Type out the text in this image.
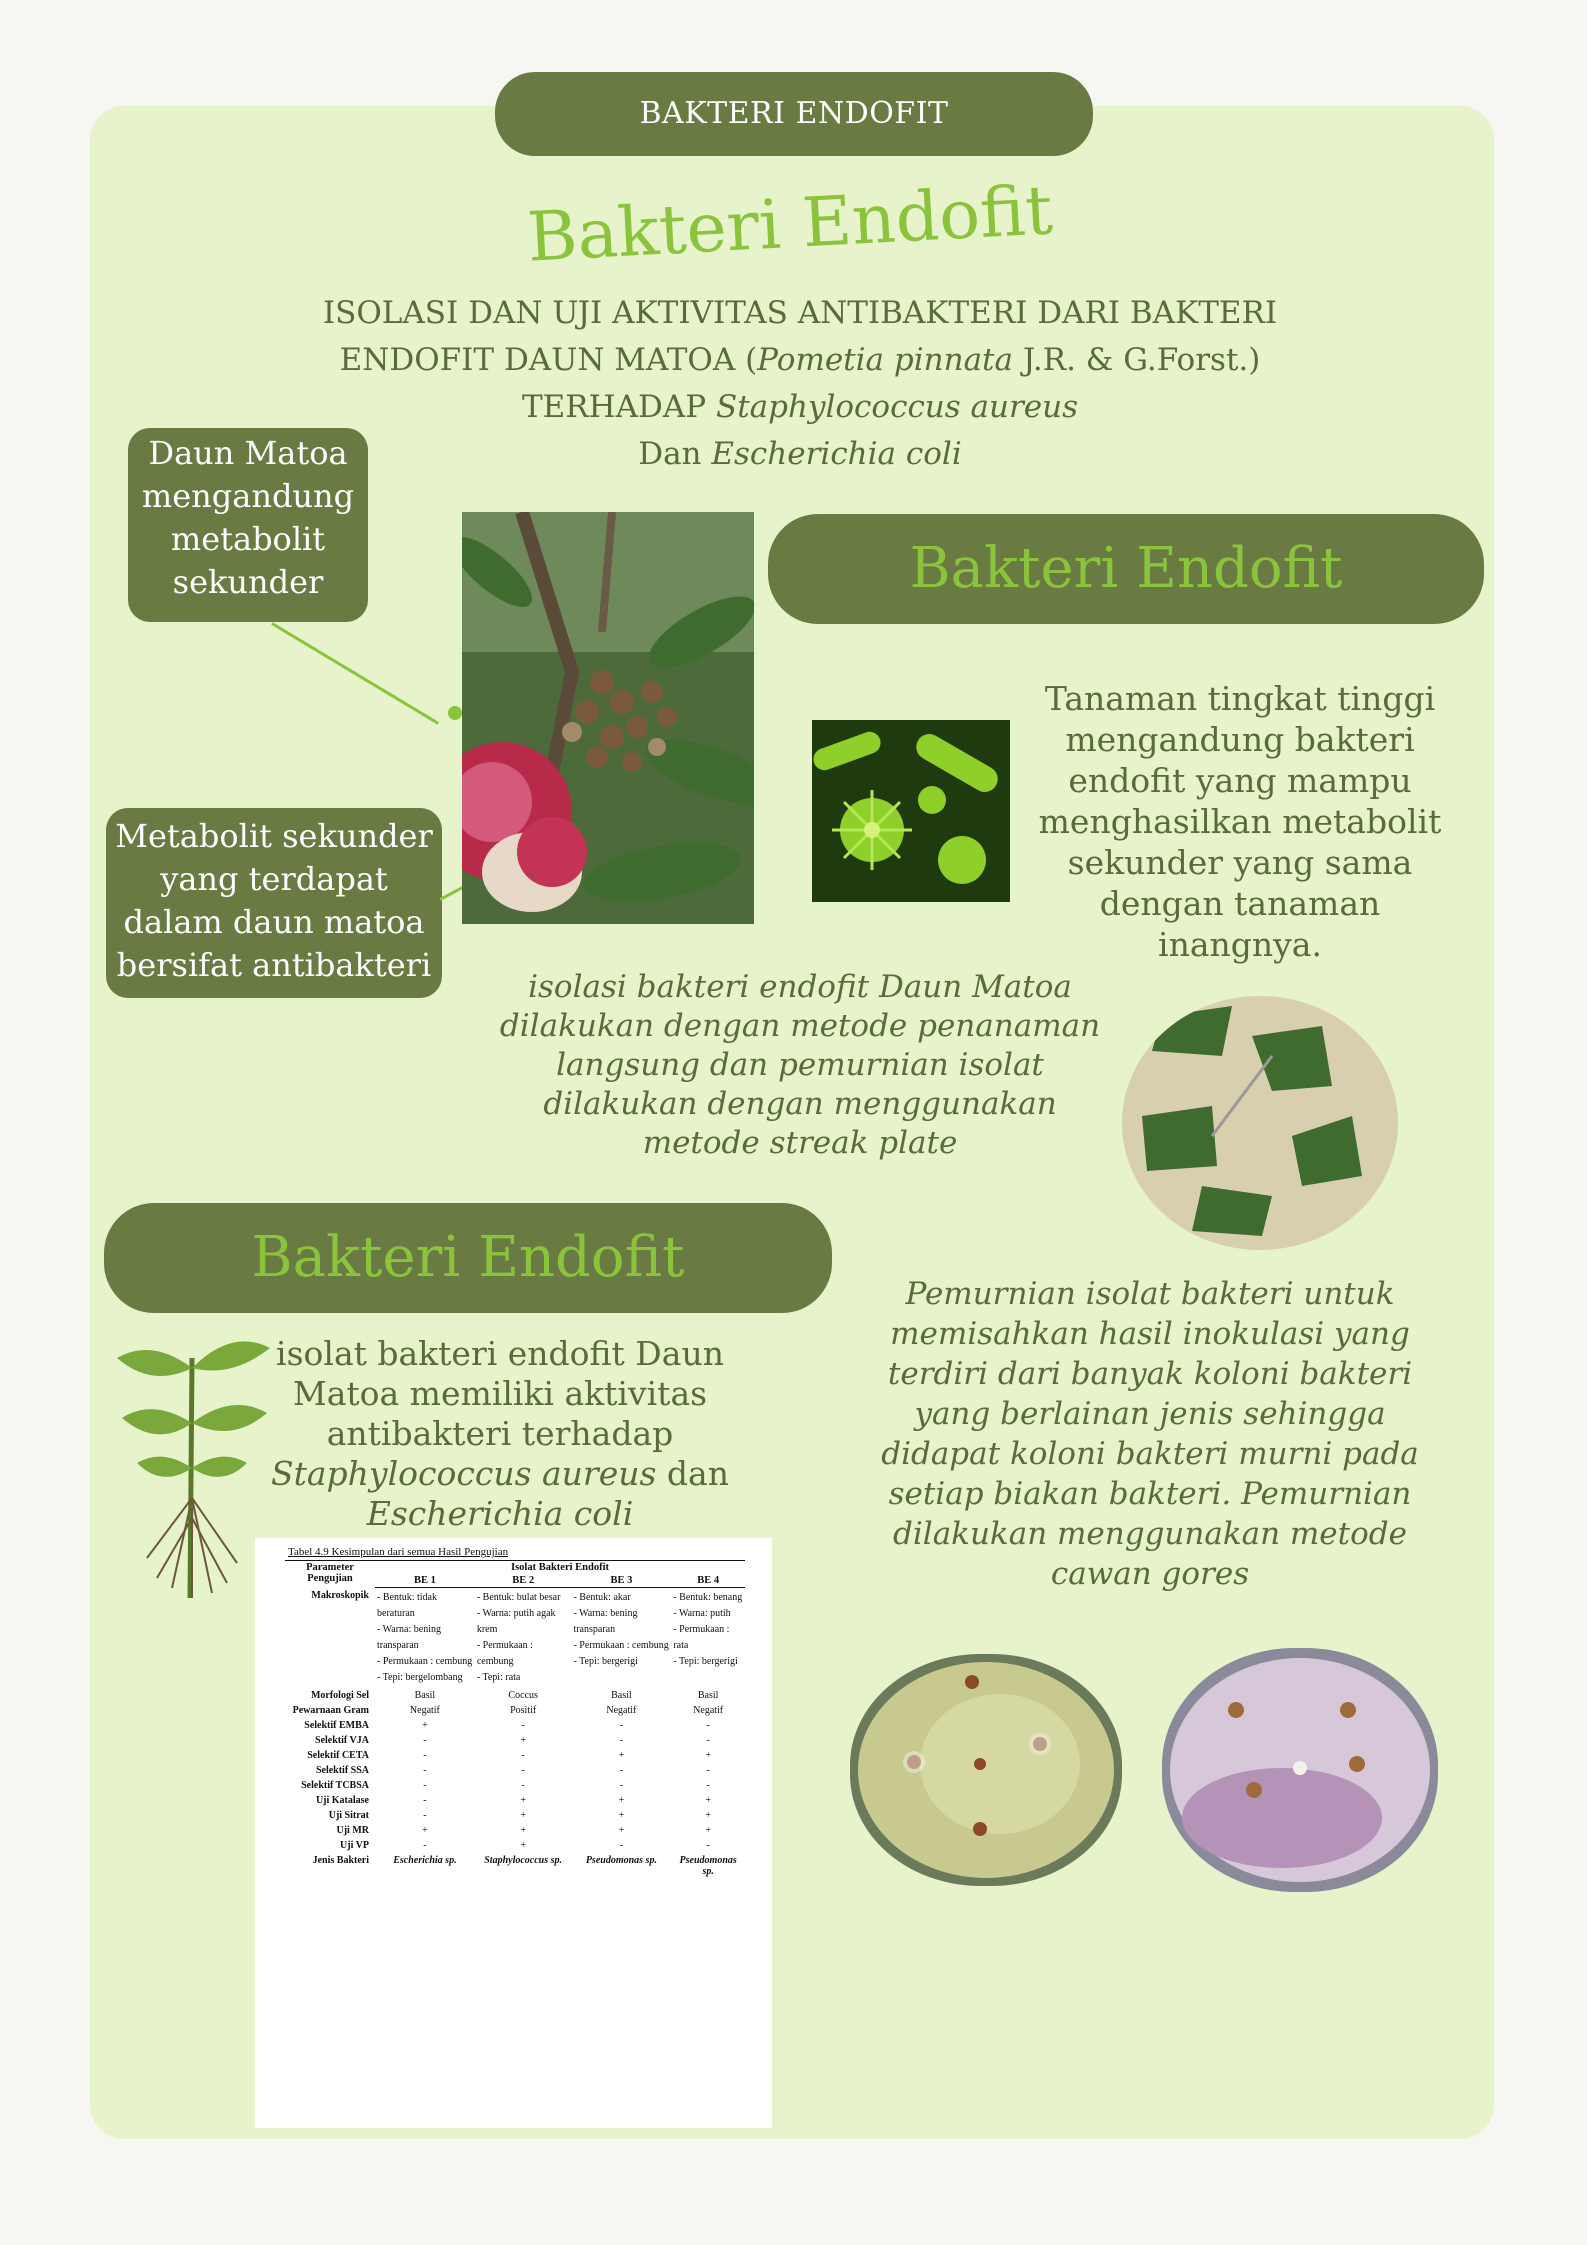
BAKTERI ENDOFIT
Bakteri Endofit
ISOLASI DAN UJI AKTIVITAS ANTIBAKTERI DARI BAKTERI
ENDOFIT DAUN MATOA (Pometia pinnata J.R. & G.Forst.)
TERHADAP Staphylococcus aureus
Dan Escherichia coli
Daun Matoa mengandung metabolit sekunder
Metabolit sekunder yang terdapat dalam daun matoa bersifat antibakteri
Bakteri Endofit
Tanaman tingkat tinggi mengandung bakteri endofit yang mampu menghasilkan metabolit sekunder yang sama dengan tanaman inangnya.
isolasi bakteri endofit Daun Matoa dilakukan dengan metode penanaman langsung dan pemurnian isolat dilakukan dengan menggunakan metode streak plate
Bakteri Endofit
isolat bakteri endofit Daun Matoa memiliki aktivitas antibakteri terhadap Staphylococcus aureus dan Escherichia coli
Pemurnian isolat bakteri untuk memisahkan hasil inokulasi yang terdiri dari banyak koloni bakteri yang berlainan jenis sehingga didapat koloni bakteri murni pada setiap biakan bakteri. Pemurnian dilakukan menggunakan metode cawan gores
Tabel 4.9 Kesimpulan dari semua Hasil Pengujian
Parameter Pengujian	Isolat Bakteri Endofit			
	BE 1	BE 2	BE 3	BE 4
Makroskopik	- Bentuk: tidak beraturan
- Warna: bening transparan
- Permukaan : cembung
- Tepi: bergelombang	- Bentuk: bulat besar
- Warna: putih agak krem
- Permukaan : cembung
- Tepi: rata	- Bentuk: akar
- Warna: bening transparan
- Permukaan : cembung
- Tepi: bergerigi	- Bentuk: benang
- Warna: putih
- Permukaan : rata
- Tepi: bergerigi
Morfologi Sel	Basil	Coccus	Basil	Basil
Pewarnaan Gram	Negatif	Positif	Negatif	Negatif
Selektif EMBA	+	-	-	-
Selektif VJA	-	+	-	-
Selektif CETA	-	-	+	+
Selektif SSA	-	-	-	-
Selektif TCBSA	-	-	-	-
Uji Katalase	-	+	+	+
Uji Sitrat	-	+	+	+
Uji MR	+	+	+	+
Uji VP	-	+	-	-
Jenis Bakteri	Escherichia sp.	Staphylococcus sp.	Pseudomonas sp.	Pseudomonas sp.
